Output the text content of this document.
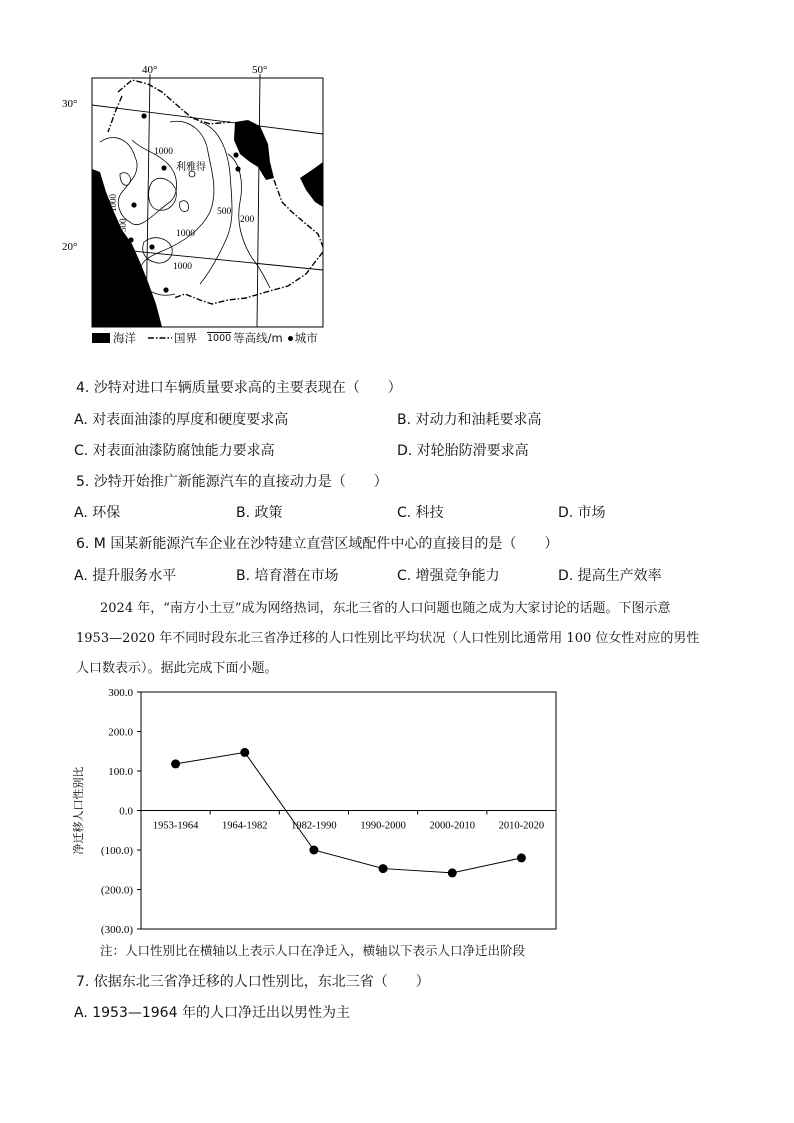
40°	50°
30°
20°
1000
1000
1000
500
200
500
1000
利雅得
海洋	国界 1000 等高线/m 城市
4. 沙特对进口车辆质量要求高的主要表现在（　　）
A. 对表面油漆的厚度和硬度要求高	B. 对动力和油耗要求高
C. 对表面油漆防腐蚀能力要求高	D. 对轮胎防滑要求高
5. 沙特开始推广新能源汽车的直接动力是（　　）
A. 环保	B. 政策	C. 科技	D. 市场
6. M 国某新能源汽车企业在沙特建立直营区域配件中心的直接目的是（　　）
A. 提升服务水平	B. 培育潜在市场	C. 增强竞争能力	D. 提高生产效率
2024 年，“南方小土豆”成为网络热词，东北三省的人口问题也随之成为大家讨论的话题。下图示意
1953—2020 年不同时段东北三省净迁移的人口性别比平均状况（人口性别比通常用 100 位女性对应的男性
人口数表示）。据此完成下面小题。
300.0
200.0
100.0
0.0
(100.0)
(200.0)
(300.0)
1953-1964 1964-1982 1982-1990 1990-2000 2000-2010 2010-2020
净迁移人口性别比
注：人口性别比在横轴以上表示人口在净迁入，横轴以下表示人口净迁出阶段
7. 依据东北三省净迁移的人口性别比，东北三省（　　）
A. 1953—1964 年的人口净迁出以男性为主
